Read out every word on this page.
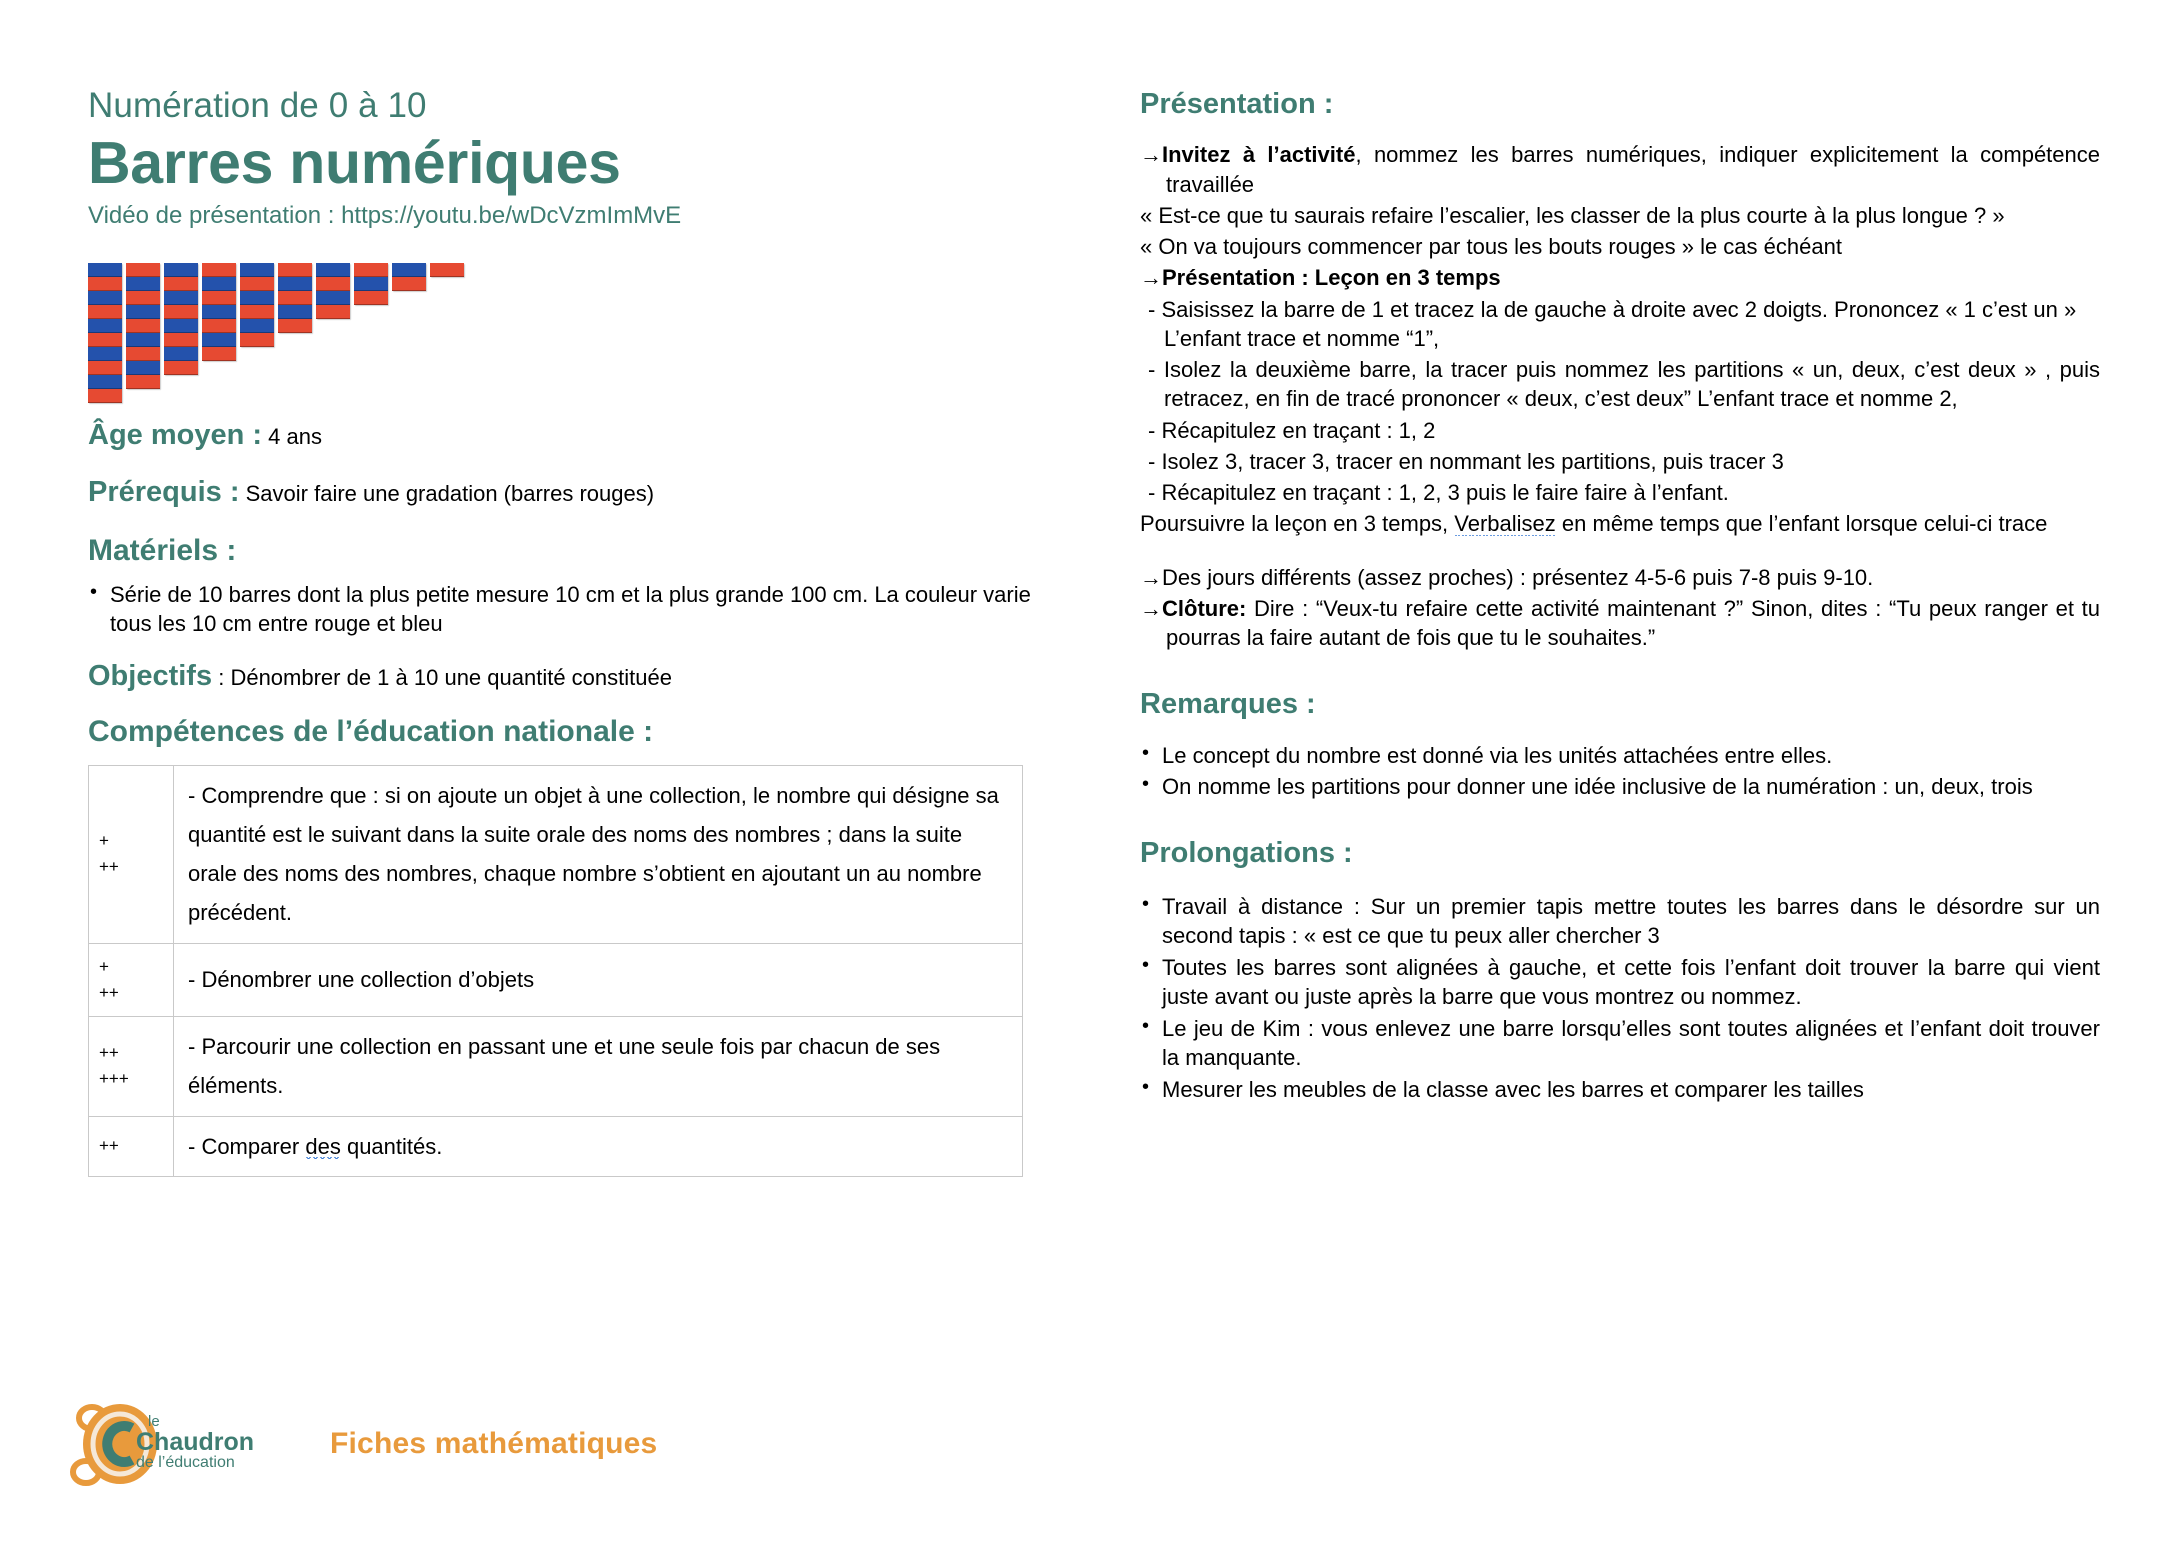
Numération de 0 à 10
Barres numériques
Vidéo de présentation : https://youtu.be/wDcVzmImMvE
Âge moyen : 4 ans
Prérequis : Savoir faire une gradation (barres rouges)
Matériels :
• Série de 10 barres dont la plus petite mesure 10 cm et la plus grande 100 cm. La couleur varie tous les 10 cm entre rouge et bleu
Objectifs : Dénombrer de 1 à 10 une quantité constituée
Compétences de l’éducation nationale :
+
++	- Comprendre que : si on ajoute un objet à une collection, le nombre qui désigne sa quantité est le suivant dans la suite orale des noms des nombres ; dans la suite orale des noms des nombres, chaque nombre s’obtient en ajoutant un au nombre précédent.
+
++	- Dénombrer une collection d’objets
++
+++	- Parcourir une collection en passant une et une seule fois par chacun de ses éléments.
++	- Comparer des quantités.
Présentation :

→Invitez à l’activité, nommez les barres numériques, indiquer explicitement la compétence travaillée

« Est-ce que tu saurais refaire l’escalier, les classer de la plus courte à la plus longue ? »

« On va toujours commencer par tous les bouts rouges » le cas échéant

→Présentation : Leçon en 3 temps

- Saisissez la barre de 1 et tracez la de gauche à droite avec 2 doigts. Prononcez « 1 c’est un » L’enfant trace et nomme “1”,

- Isolez la deuxième barre, la tracer puis nommez les partitions « un, deux, c’est deux » , puis retracez, en fin de tracé prononcer « deux, c’est deux” L’enfant trace et nomme 2,

- Récapitulez en traçant : 1, 2

- Isolez 3, tracer 3, tracer en nommant les partitions, puis tracer 3

- Récapitulez en traçant : 1, 2, 3 puis le faire faire à l’enfant.

Poursuivre la leçon en 3 temps, Verbalisez en même temps que l’enfant lorsque celui-ci trace

→Des jours différents (assez proches) : présentez 4-5-6 puis 7-8 puis 9-10.

→Clôture: Dire : “Veux-tu refaire cette activité maintenant ?” Sinon, dites : “Tu peux ranger et tu pourras la faire autant de fois que tu le souhaites.”

Remarques :
• Le concept du nombre est donné via les unités attachées entre elles.
• On nomme les partitions pour donner une idée inclusive de la numération : un, deux, trois
Prolongations :
• Travail à distance : Sur un premier tapis mettre toutes les barres dans le désordre sur un second tapis : « est ce que tu peux aller chercher 3
• Toutes les barres sont alignées à gauche, et cette fois l’enfant doit trouver la barre qui vient juste avant ou juste après la barre que vous montrez ou nommez.
• Le jeu de Kim : vous enlevez une barre lorsqu’elles sont toutes alignées et l’enfant doit trouver la manquante.
• Mesurer les meubles de la classe avec les barres et comparer les tailles
le
Chaudron
de l’éducation
Fiches mathématiques
